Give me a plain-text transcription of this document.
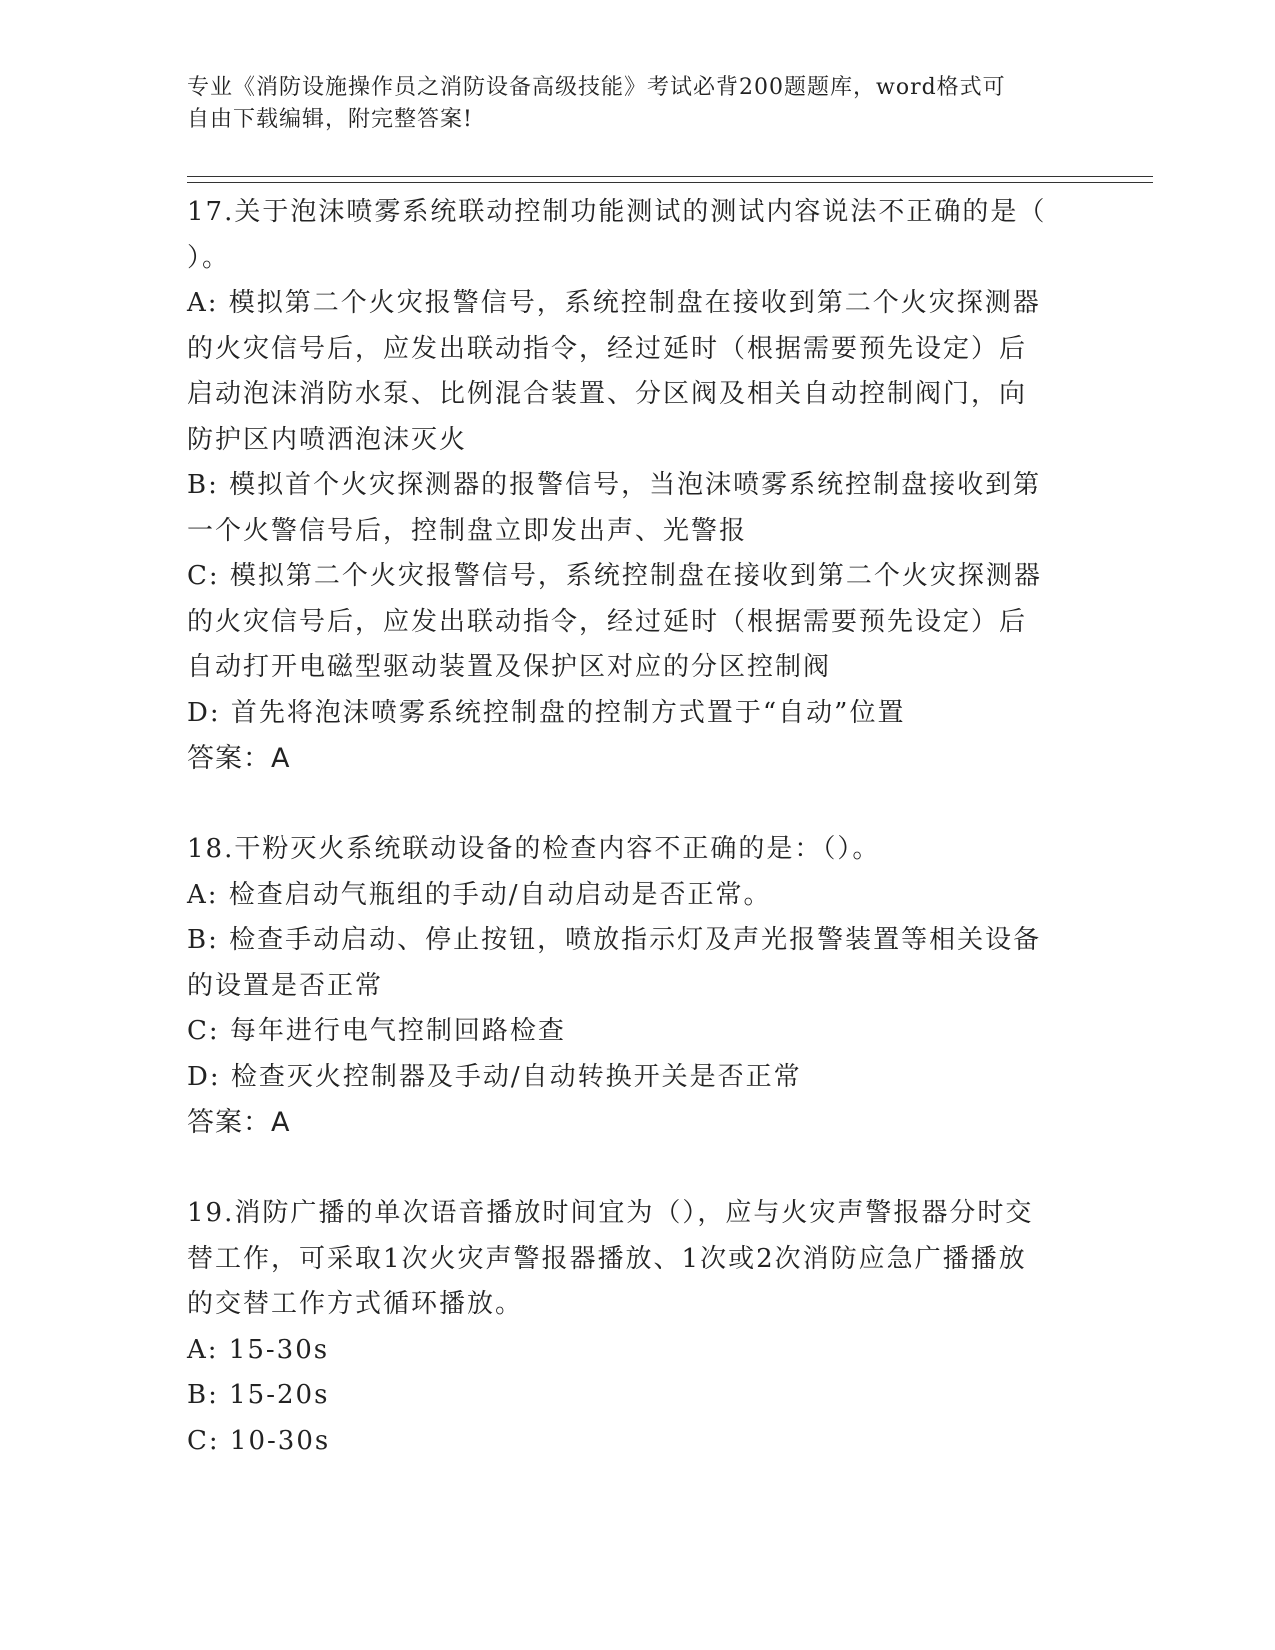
专业《消防设施操作员之消防设备高级技能》考试必背200题题库，word格式可
自由下载编辑，附完整答案!
17.关于泡沫喷雾系统联动控制功能测试的测试内容说法不正确的是（
）。
A: 模拟第二个火灾报警信号，系统控制盘在接收到第二个火灾探测器
的火灾信号后，应发出联动指令，经过延时（根据需要预先设定）后
启动泡沫消防水泵、比例混合装置、分区阀及相关自动控制阀门，向
防护区内喷洒泡沫灭火
B: 模拟首个火灾探测器的报警信号，当泡沫喷雾系统控制盘接收到第
一个火警信号后，控制盘立即发出声、光警报
C: 模拟第二个火灾报警信号，系统控制盘在接收到第二个火灾探测器
的火灾信号后，应发出联动指令，经过延时（根据需要预先设定）后
自动打开电磁型驱动装置及保护区对应的分区控制阀
D: 首先将泡沫喷雾系统控制盘的控制方式置于“自动”位置
答案：A
18.干粉灭火系统联动设备的检查内容不正确的是：（）。
A: 检查启动气瓶组的手动/自动启动是否正常。
B: 检查手动启动、停止按钮，喷放指示灯及声光报警装置等相关设备
的设置是否正常
C: 每年进行电气控制回路检查
D: 检查灭火控制器及手动/自动转换开关是否正常
答案：A
19.消防广播的单次语音播放时间宜为（），应与火灾声警报器分时交
替工作，可采取1次火灾声警报器播放、1次或2次消防应急广播播放
的交替工作方式循环播放。
A: 15-30s
B: 15-20s
C: 10-30s
